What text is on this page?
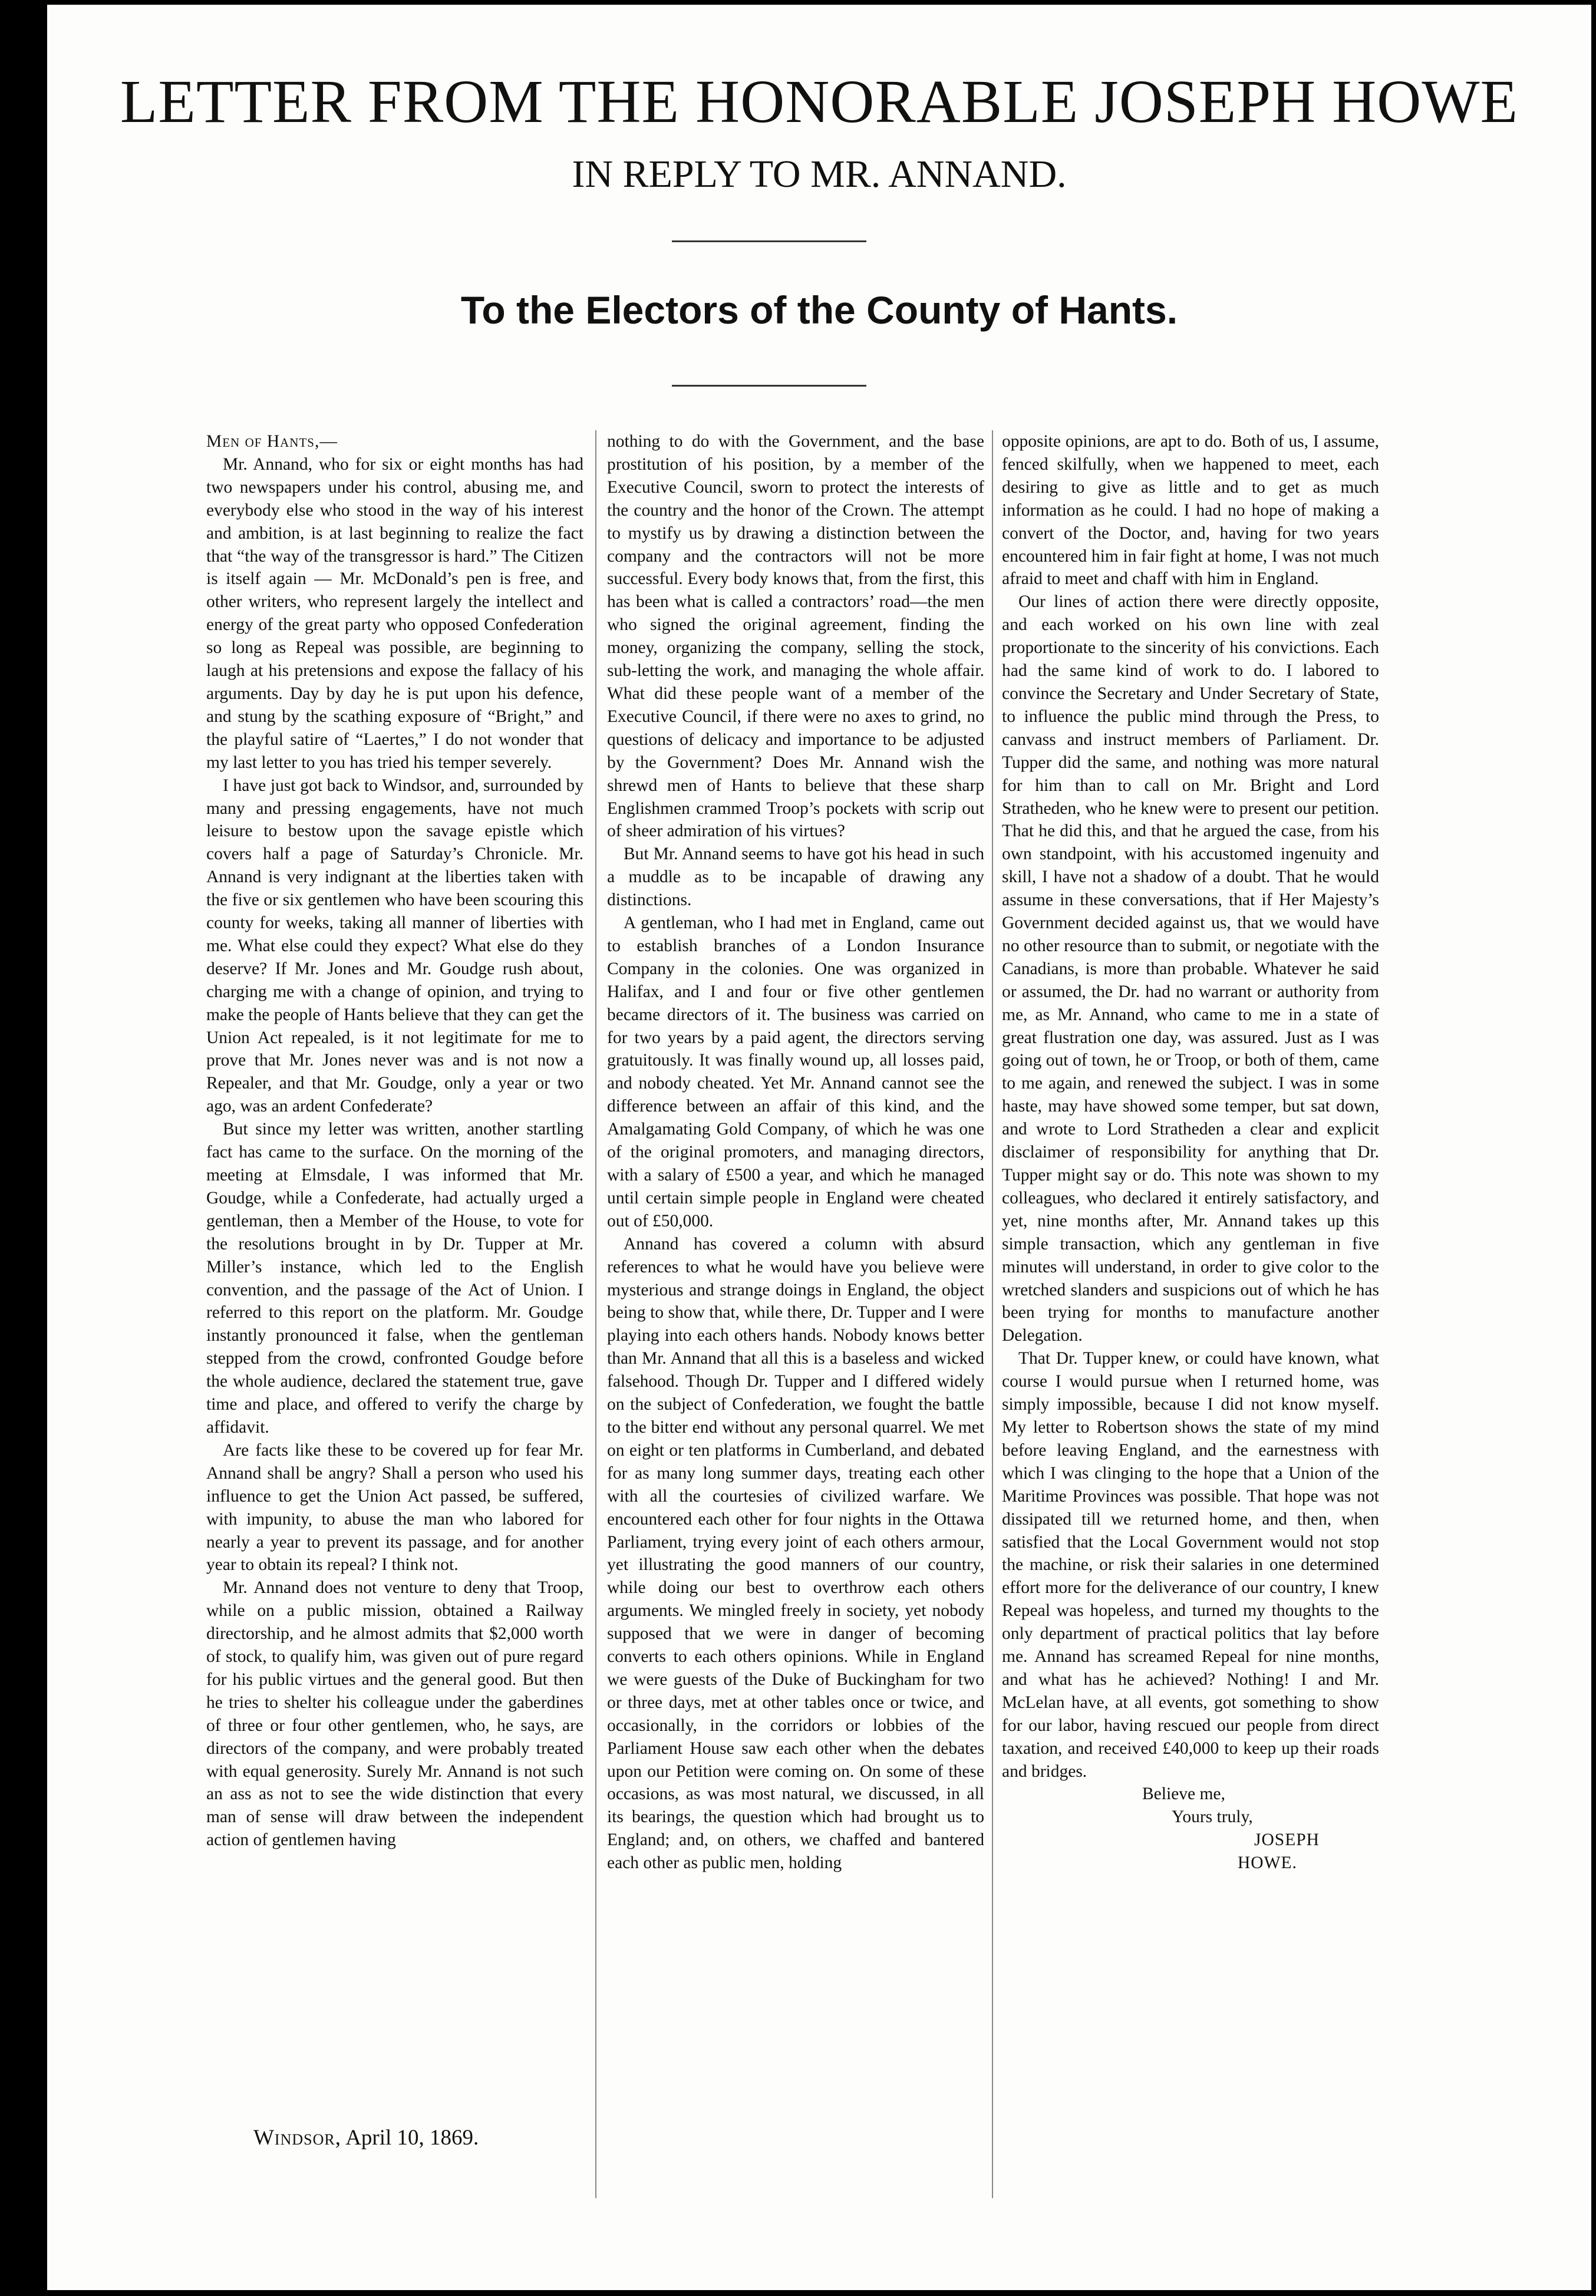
LETTER FROM THE HONORABLE JOSEPH HOWE
IN REPLY TO MR. ANNAND.
To the Electors of the County of Hants.

Men of Hants,—

Mr. Annand, who for six or eight months has had two newspapers under his control, abusing me, and everybody else who stood in the way of his interest and ambition, is at last beginning to realize the fact that “the way of the transgressor is hard.” The Citizen is itself again — Mr. McDonald’s pen is free, and other writers, who represent largely the intellect and energy of the great party who opposed Confederation so long as Repeal was possible, are beginning to laugh at his pretensions and expose the fallacy of his arguments. Day by day he is put upon his defence, and stung by the scathing exposure of “Bright,” and the playful satire of “Laertes,” I do not wonder that my last letter to you has tried his temper severely.

I have just got back to Windsor, and, surrounded by many and pressing engagements, have not much leisure to bestow upon the savage epistle which covers half a page of Saturday’s Chronicle. Mr. Annand is very indignant at the liberties taken with the five or six gentlemen who have been scouring this county for weeks, taking all manner of liberties with me. What else could they expect? What else do they deserve? If Mr. Jones and Mr. Goudge rush about, charging me with a change of opinion, and trying to make the people of Hants believe that they can get the Union Act repealed, is it not legitimate for me to prove that Mr. Jones never was and is not now a Repealer, and that Mr. Goudge, only a year or two ago, was an ardent Confederate?

But since my letter was written, another startling fact has came to the surface. On the morning of the meeting at Elmsdale, I was informed that Mr. Goudge, while a Confederate, had actually urged a gentleman, then a Member of the House, to vote for the resolutions brought in by Dr. Tupper at Mr. Miller’s instance, which led to the English convention, and the passage of the Act of Union. I referred to this report on the platform. Mr. Goudge instantly pronounced it false, when the gentleman stepped from the crowd, confronted Goudge before the whole audience, declared the statement true, gave time and place, and offered to verify the charge by affidavit.

Are facts like these to be covered up for fear Mr. Annand shall be angry? Shall a person who used his influence to get the Union Act passed, be suffered, with impunity, to abuse the man who labored for nearly a year to prevent its passage, and for another year to obtain its repeal? I think not.

Mr. Annand does not venture to deny that Troop, while on a public mission, obtained a Railway directorship, and he almost admits that $2,000 worth of stock, to qualify him, was given out of pure regard for his public virtues and the general good. But then he tries to shelter his colleague under the gaberdines of three or four other gentlemen, who, he says, are directors of the company, and were probably treated with equal generosity. Surely Mr. Annand is not such an ass as not to see the wide distinction that every man of sense will draw between the independent action of gentlemen having

nothing to do with the Government, and the base prostitution of his position, by a member of the Executive Council, sworn to protect the interests of the country and the honor of the Crown. The attempt to mystify us by drawing a distinction between the company and the contractors will not be more successful. Every body knows that, from the first, this has been what is called a contractors’ road—the men who signed the original agreement, finding the money, organizing the company, selling the stock, sub-letting the work, and managing the whole affair. What did these people want of a member of the Executive Council, if there were no axes to grind, no questions of delicacy and importance to be adjusted by the Government? Does Mr. Annand wish the shrewd men of Hants to believe that these sharp Englishmen crammed Troop’s pockets with scrip out of sheer admiration of his virtues?

But Mr. Annand seems to have got his head in such a muddle as to be incapable of drawing any distinctions.

A gentleman, who I had met in England, came out to establish branches of a London Insurance Company in the colonies. One was organized in Halifax, and I and four or five other gentlemen became directors of it. The business was carried on for two years by a paid agent, the directors serving gratuitously. It was finally wound up, all losses paid, and nobody cheated. Yet Mr. Annand cannot see the difference between an affair of this kind, and the Amalgamating Gold Company, of which he was one of the original promoters, and managing directors, with a salary of £500 a year, and which he managed until certain simple people in England were cheated out of £50,000.

Annand has covered a column with absurd references to what he would have you believe were mysterious and strange doings in England, the object being to show that, while there, Dr. Tupper and I were playing into each others hands. Nobody knows better than Mr. Annand that all this is a baseless and wicked falsehood. Though Dr. Tupper and I differed widely on the subject of Confederation, we fought the battle to the bitter end without any personal quarrel. We met on eight or ten platforms in Cumberland, and debated for as many long summer days, treating each other with all the courtesies of civilized warfare. We encountered each other for four nights in the Ottawa Parliament, trying every joint of each others armour, yet illustrating the good manners of our country, while doing our best to overthrow each others arguments. We mingled freely in society, yet nobody supposed that we were in danger of becoming converts to each others opinions. While in England we were guests of the Duke of Buckingham for two or three days, met at other tables once or twice, and occasionally, in the corridors or lobbies of the Parliament House saw each other when the debates upon our Petition were coming on. On some of these occasions, as was most natural, we discussed, in all its bearings, the question which had brought us to England; and, on others, we chaffed and bantered each other as public men, holding

opposite opinions, are apt to do. Both of us, I assume, fenced skilfully, when we happened to meet, each desiring to give as little and to get as much information as he could. I had no hope of making a convert of the Doctor, and, having for two years encountered him in fair fight at home, I was not much afraid to meet and chaff with him in England.

Our lines of action there were directly opposite, and each worked on his own line with zeal proportionate to the sincerity of his convictions. Each had the same kind of work to do. I labored to convince the Secretary and Under Secretary of State, to influence the public mind through the Press, to canvass and instruct members of Parliament. Dr. Tupper did the same, and nothing was more natural for him than to call on Mr. Bright and Lord Stratheden, who he knew were to present our petition. That he did this, and that he argued the case, from his own standpoint, with his accustomed ingenuity and skill, I have not a shadow of a doubt. That he would assume in these conversations, that if Her Majesty’s Government decided against us, that we would have no other resource than to submit, or negotiate with the Canadians, is more than probable. Whatever he said or assumed, the Dr. had no warrant or authority from me, as Mr. Annand, who came to me in a state of great flustration one day, was assured. Just as I was going out of town, he or Troop, or both of them, came to me again, and renewed the subject. I was in some haste, may have showed some temper, but sat down, and wrote to Lord Stratheden a clear and explicit disclaimer of responsibility for anything that Dr. Tupper might say or do. This note was shown to my colleagues, who declared it entirely satisfactory, and yet, nine months after, Mr. Annand takes up this simple transaction, which any gentleman in five minutes will understand, in order to give color to the wretched slanders and suspicions out of which he has been trying for months to manufacture another Delegation.

That Dr. Tupper knew, or could have known, what course I would pursue when I returned home, was simply impossible, because I did not know myself. My letter to Robertson shows the state of my mind before leaving England, and the earnestness with which I was clinging to the hope that a Union of the Maritime Provinces was possible. That hope was not dissipated till we returned home, and then, when satisfied that the Local Government would not stop the machine, or risk their salaries in one determined effort more for the deliverance of our country, I knew Repeal was hopeless, and turned my thoughts to the only department of practical politics that lay before me. Annand has screamed Repeal for nine months, and what has he achieved? Nothing! I and Mr. McLelan have, at all events, got something to show for our labor, having rescued our people from direct taxation, and received £40,000 to keep up their roads and bridges.

Believe me,

Yours truly,

JOSEPH HOWE.

Windsor, April 10, 1869.
